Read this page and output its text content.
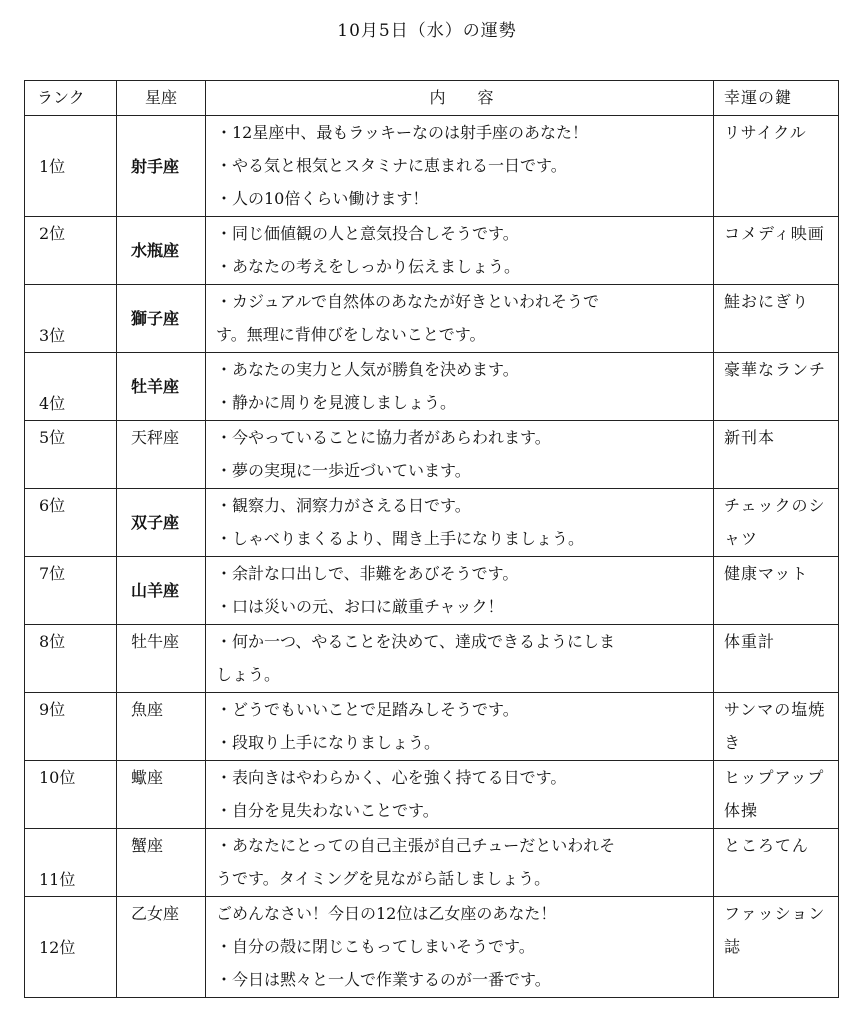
10月5日（水）の運勢
ランク	星座	内　　容	幸運の鍵
1位	射手座	・12星座中、最もラッキーなのは射手座のあなた！
・やる気と根気とスタミナに恵まれる一日です。
・人の10倍くらい働けます！	リサイクル
2位	水瓶座	・同じ価値観の人と意気投合しそうです。
・あなたの考えをしっかり伝えましょう。	コメディ映画
3位	獅子座	・カジュアルで自然体のあなたが好きといわれそうで
す。無理に背伸びをしないことです。	鮭おにぎり
4位	牡羊座	・あなたの実力と人気が勝負を決めます。
・静かに周りを見渡しましょう。	豪華なランチ
5位	天秤座	・今やっていることに協力者があらわれます。
・夢の実現に一歩近づいています。	新刊本
6位	双子座	・観察力、洞察力がさえる日です。
・しゃべりまくるより、聞き上手になりましょう。	チェックのシャツ
7位	山羊座	・余計な口出しで、非難をあびそうです。
・口は災いの元、お口に厳重チャック！	健康マット
8位	牡牛座	・何か一つ、やることを決めて、達成できるようにしま
しょう。	体重計
9位	魚座	・どうでもいいことで足踏みしそうです。
・段取り上手になりましょう。	サンマの塩焼き
10位	蠍座	・表向きはやわらかく、心を強く持てる日です。
・自分を見失わないことです。	ヒップアップ体操
11位	蟹座	・あなたにとっての自己主張が自己チューだといわれそ
うです。タイミングを見ながら話しましょう。	ところてん
12位	乙女座	ごめんなさい！今日の12位は乙女座のあなた！
・自分の殻に閉じこもってしまいそうです。
・今日は黙々と一人で作業するのが一番です。	ファッション誌
